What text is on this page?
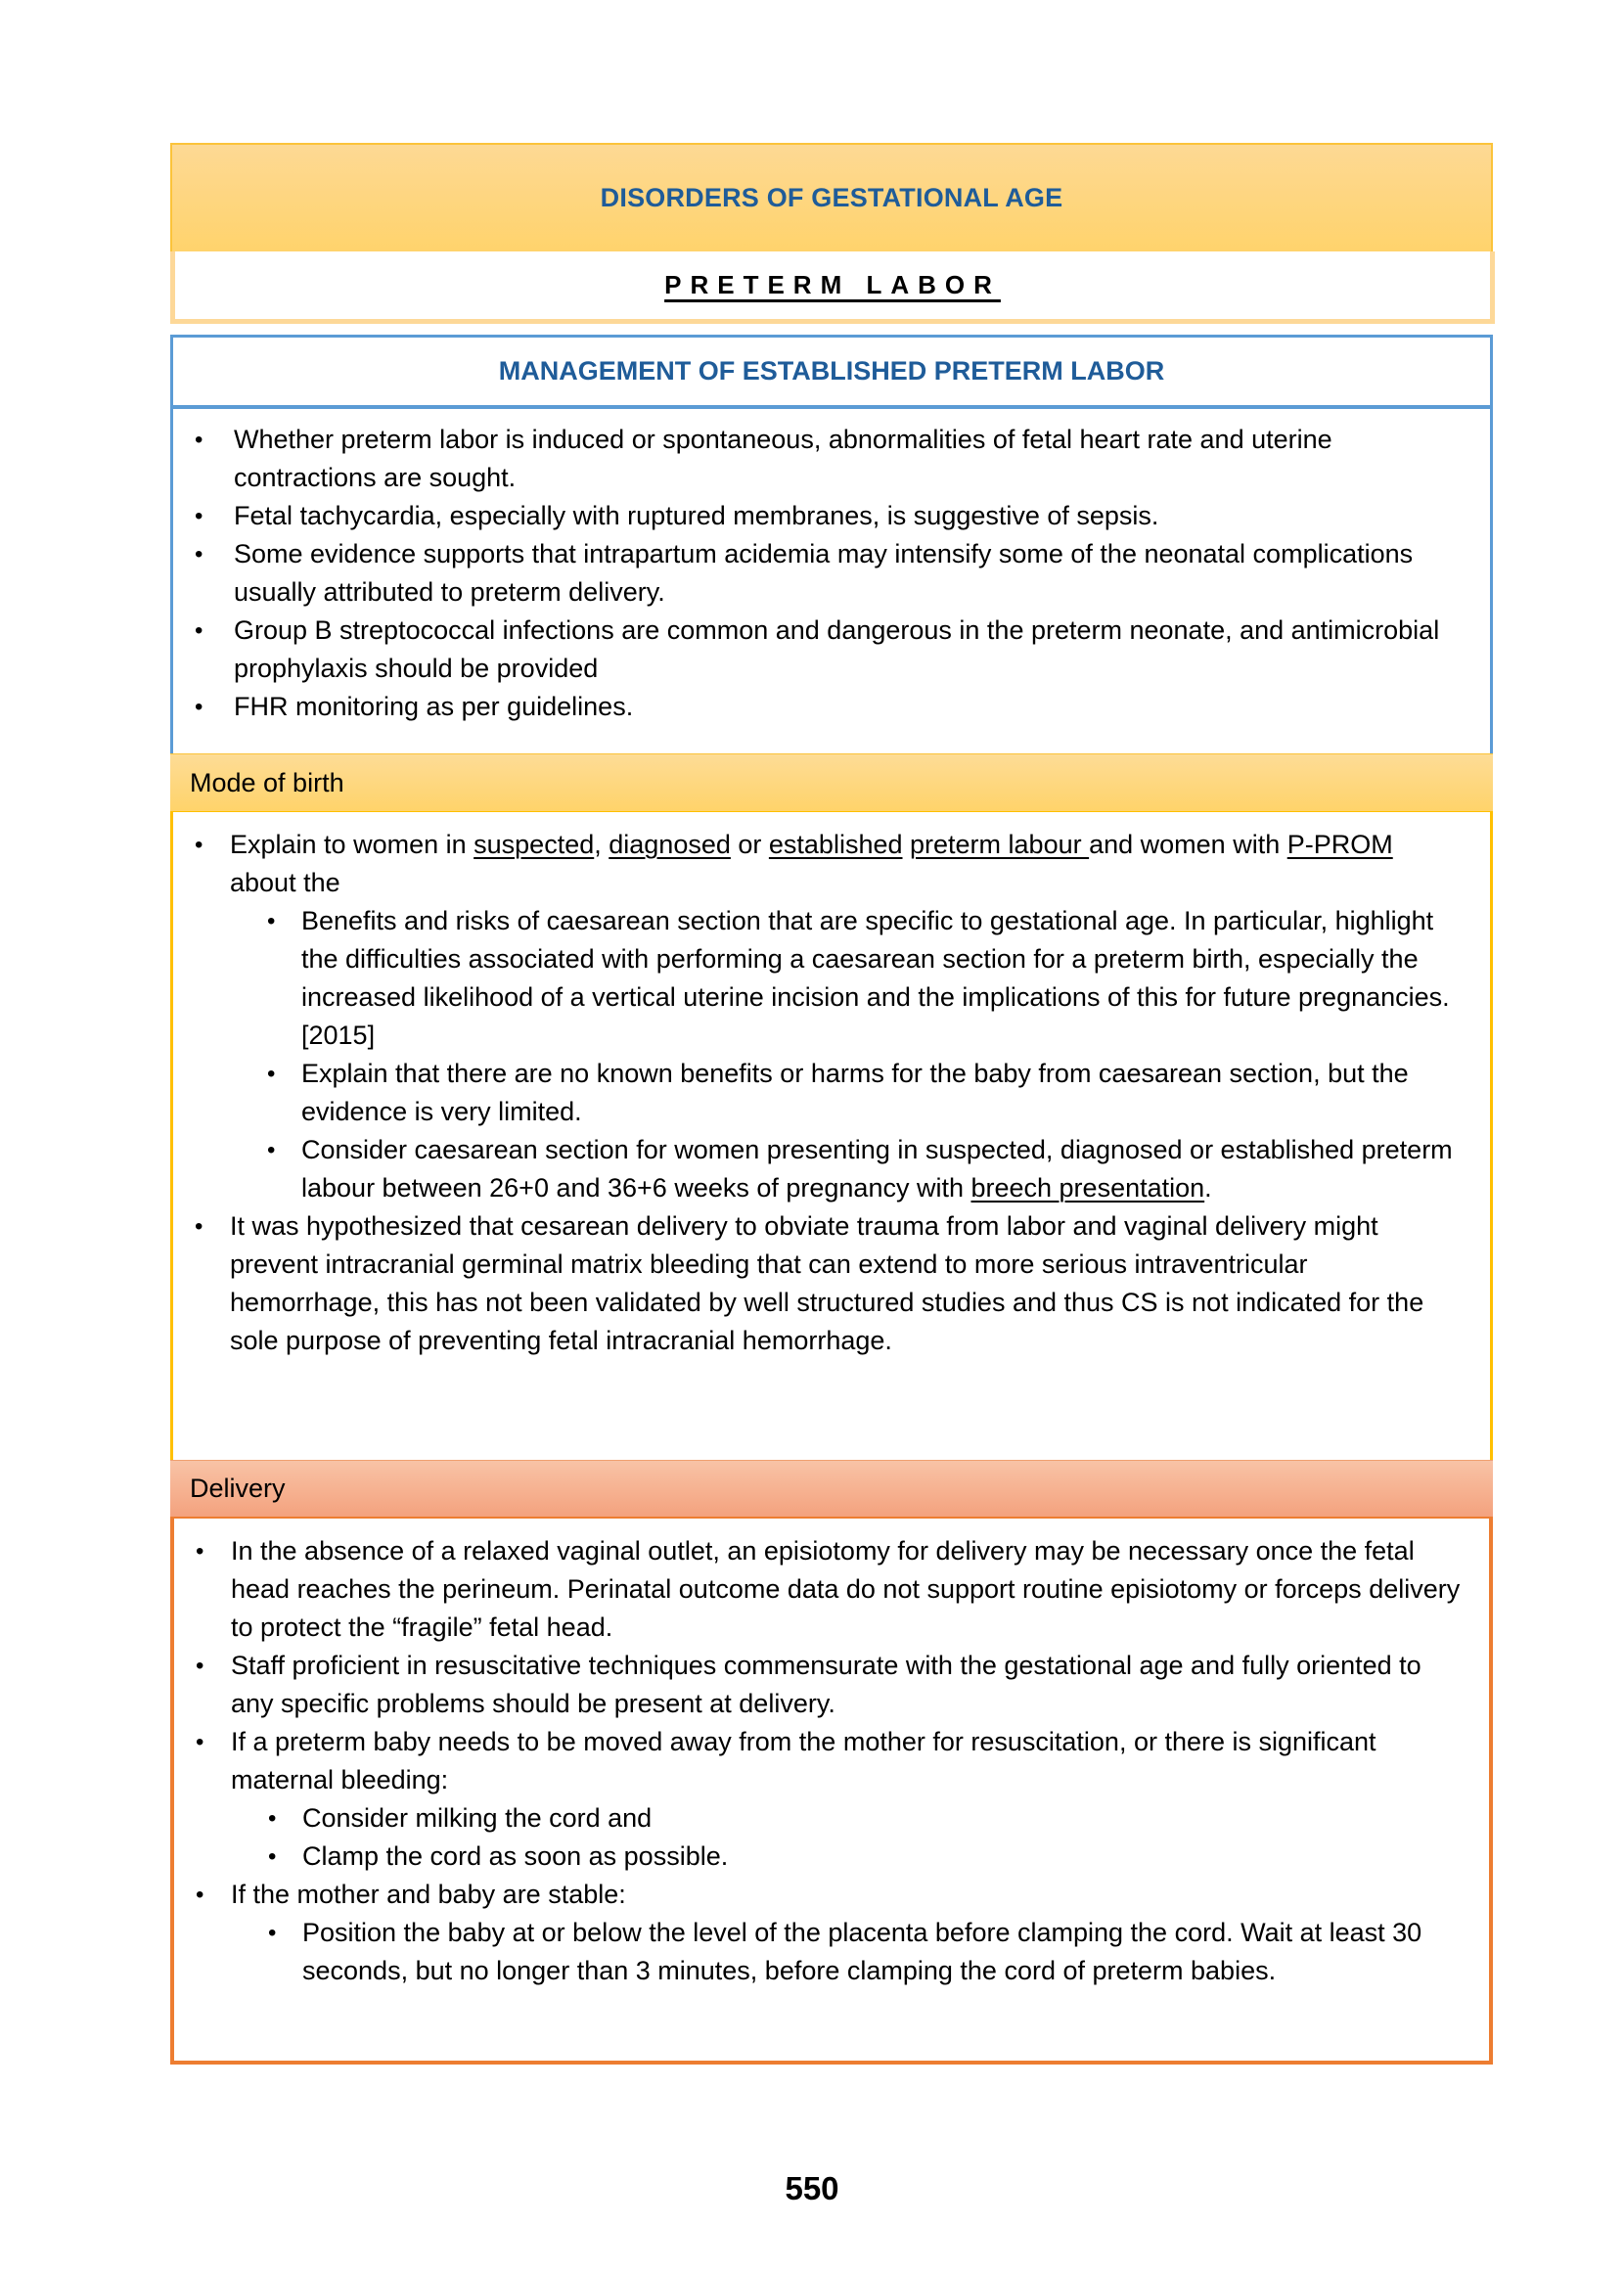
DISORDERS OF GESTATIONAL AGE
PRETERM LABOR
MANAGEMENT OF ESTABLISHED PRETERM LABOR
• Whether preterm labor is induced or spontaneous, abnormalities of fetal heart rate and uterine contractions are sought.
• Fetal tachycardia, especially with ruptured membranes, is suggestive of sepsis.
• Some evidence supports that intrapartum acidemia may intensify some of the neonatal complications usually attributed to preterm delivery.
• Group B streptococcal infections are common and dangerous in the preterm neonate, and antimicrobial prophylaxis should be provided
• FHR monitoring as per guidelines.
Mode of birth
• Explain to women in suspected, diagnosed or established preterm labour and women with P-PROM about the
• Benefits and risks of caesarean section that are specific to gestational age. In particular, highlight the difficulties associated with performing a caesarean section for a preterm birth, especially the increased likelihood of a vertical uterine incision and the implications of this for future pregnancies. [2015]
• Explain that there are no known benefits or harms for the baby from caesarean section, but the evidence is very limited.
• Consider caesarean section for women presenting in suspected, diagnosed or established preterm labour between 26+0 and 36+6 weeks of pregnancy with breech presentation.
• It was hypothesized that cesarean delivery to obviate trauma from labor and vaginal delivery might prevent intracranial germinal matrix bleeding that can extend to more serious intraventricular hemorrhage, this has not been validated by well structured studies and thus CS is not indicated for the sole purpose of preventing fetal intracranial hemorrhage.
Delivery
• In the absence of a relaxed vaginal outlet, an episiotomy for delivery may be necessary once the fetal head reaches the perineum. Perinatal outcome data do not support routine episiotomy or forceps delivery to protect the “fragile” fetal head.
• Staff proficient in resuscitative techniques commensurate with the gestational age and fully oriented to any specific problems should be present at delivery.
• If a preterm baby needs to be moved away from the mother for resuscitation, or there is significant maternal bleeding:
• Consider milking the cord and
• Clamp the cord as soon as possible.
• If the mother and baby are stable:
• Position the baby at or below the level of the placenta before clamping the cord. Wait at least 30 seconds, but no longer than 3 minutes, before clamping the cord of preterm babies.
550
